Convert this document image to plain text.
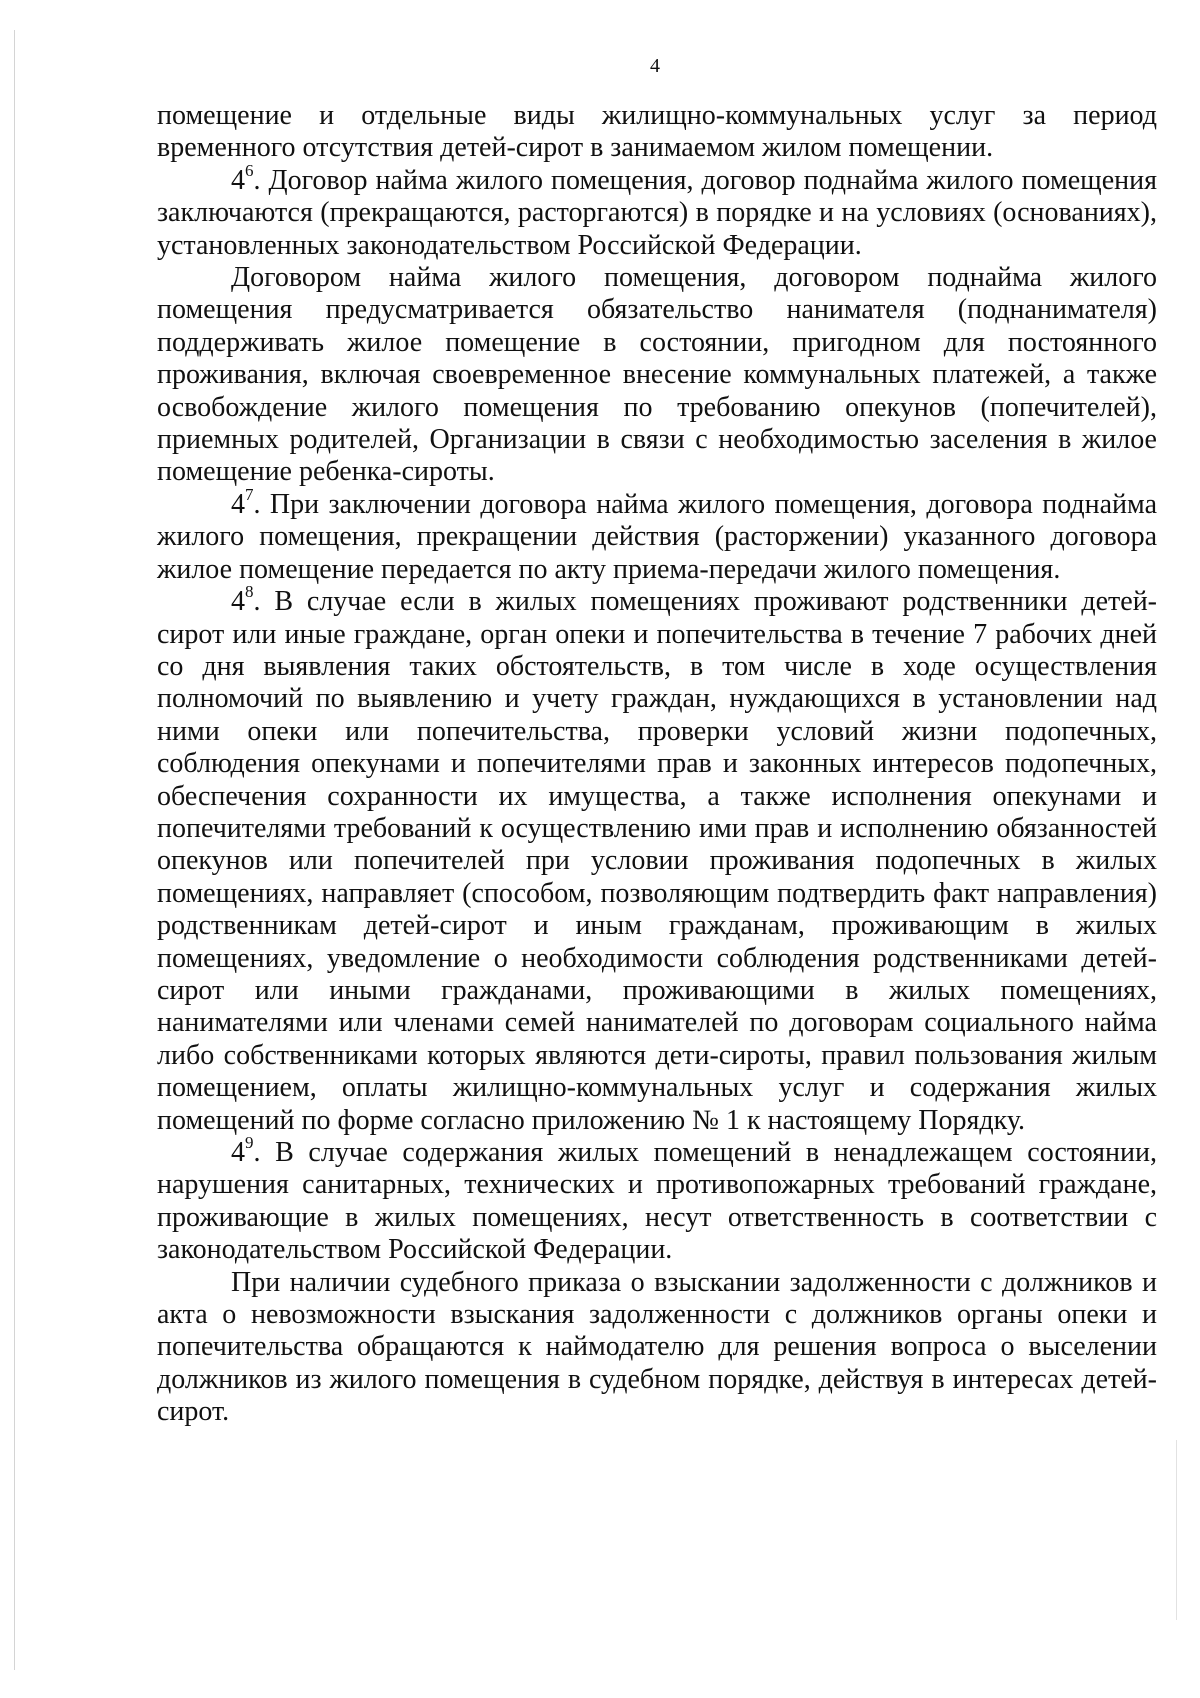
4

помещение и отдельные виды жилищно-коммунальных услуг за период временного отсутствия детей-сирот в занимаемом жилом помещении.

$4^6$. Договор найма жилого помещения, договор поднайма жилого помещения заключаются (прекращаются, расторгаются) в порядке и на условиях (основаниях), установленных законодательством Российской Федерации.

Договором найма жилого помещения, договором поднайма жилого помещения предусматривается обязательство нанимателя (поднанимателя) поддерживать жилое помещение в состоянии, пригодном для постоянного проживания, включая своевременное внесение коммунальных платежей, а также освобождение жилого помещения по требованию опекунов (попечителей), приемных родителей, Организации в связи с необходимостью заселения в жилое помещение ребенка-сироты.

$4^7$. При заключении договора найма жилого помещения, договора поднайма жилого помещения, прекращении действия (расторжении) указанного договора жилое помещение передается по акту приема-передачи жилого помещения.

$4^8$. В случае если в жилых помещениях проживают родственники детей-сирот или иные граждане, орган опеки и попечительства в течение 7 рабочих дней со дня выявления таких обстоятельств, в том числе в ходе осуществления полномочий по выявлению и учету граждан, нуждающихся в установлении над ними опеки или попечительства, проверки условий жизни подопечных, соблюдения опекунами и попечителями прав и законных интересов подопечных, обеспечения сохранности их имущества, а также исполнения опекунами и попечителями требований к осуществлению ими прав и исполнению обязанностей опекунов или попечителей при условии проживания подопечных в жилых помещениях, направляет (способом, позволяющим подтвердить факт направления) родственникам детей-сирот и иным гражданам, проживающим в жилых помещениях, уведомление о необходимости соблюдения родственниками детей-сирот или иными гражданами, проживающими в жилых помещениях, нанимателями или членами семей нанимателей по договорам социального найма либо собственниками которых являются дети-сироты, правил пользования жилым помещением, оплаты жилищно-коммунальных услуг и содержания жилых помещений по форме согласно приложению № 1 к настоящему Порядку.

$4^9$. В случае содержания жилых помещений в ненадлежащем состоянии, нарушения санитарных, технических и противопожарных требований граждане, проживающие в жилых помещениях, несут ответственность в соответствии с законодательством Российской Федерации.

При наличии судебного приказа о взыскании задолженности с должников и акта о невозможности взыскания задолженности с должников органы опеки и попечительства обращаются к наймодателю для решения вопроса о выселении должников из жилого помещения в судебном порядке, действуя в интересах детей-сирот.
